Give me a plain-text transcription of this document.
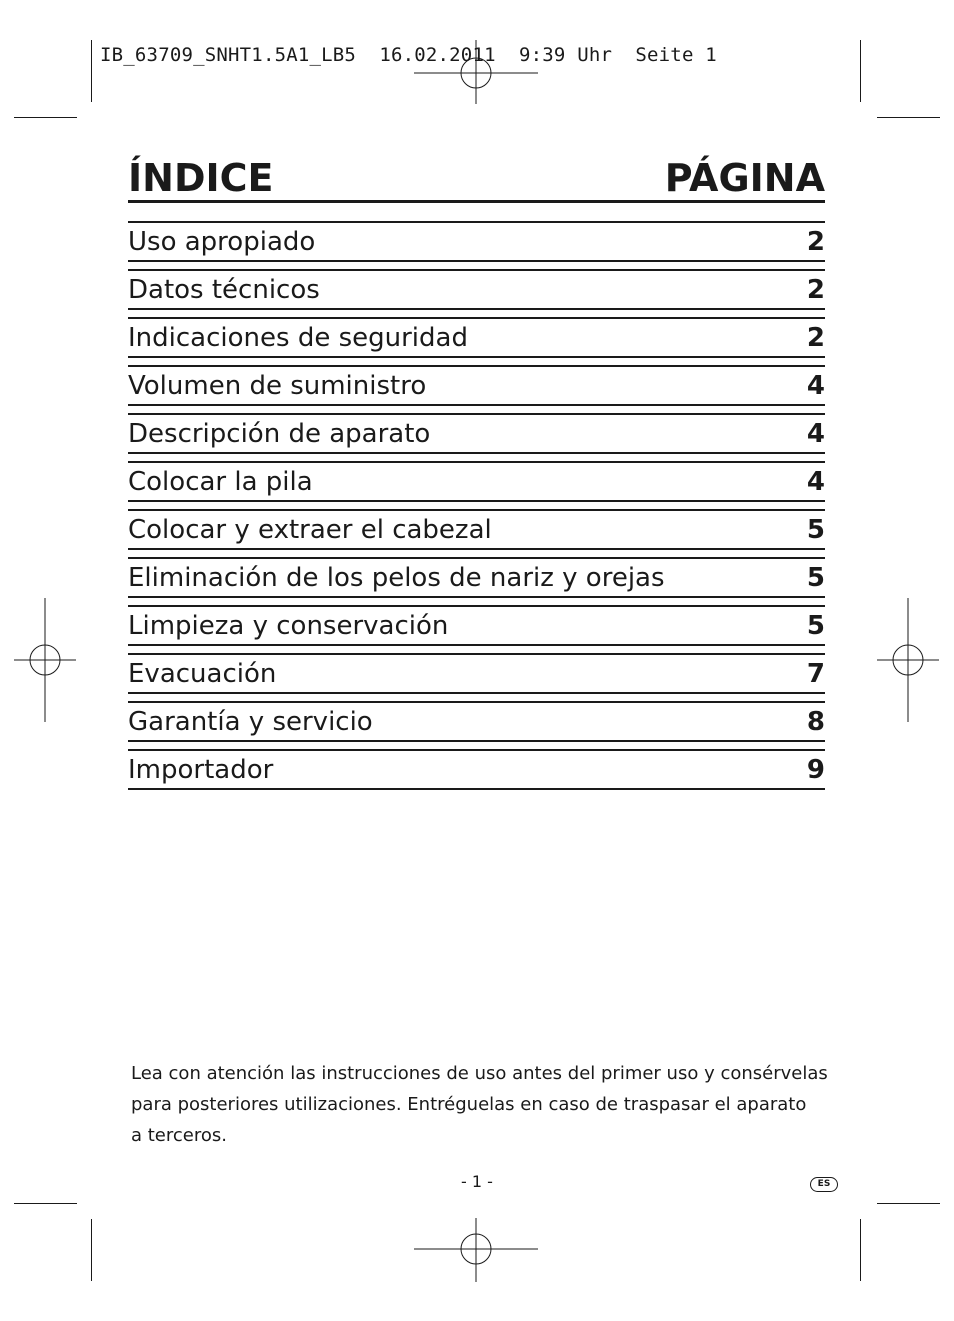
IB_63709_SNHT1.5A1_LB5  16.02.2011  9:39 Uhr  Seite 1
ÍNDICE	PÁGINA
Uso apropiado	2
Datos técnicos	2
Indicaciones de seguridad	2
Volumen de suministro	4
Descripción de aparato	4
Colocar la pila	4
Colocar y extraer el cabezal	5
Eliminación de los pelos de nariz y orejas	5
Limpieza y conservación	5
Evacuación	7
Garantía y servicio	8
Importador	9
Lea con atención las instrucciones de uso antes del primer uso y consérvelas
para posteriores utilizaciones. Entréguelas en caso de traspasar el aparato
a terceros.
- 1 -	ES
